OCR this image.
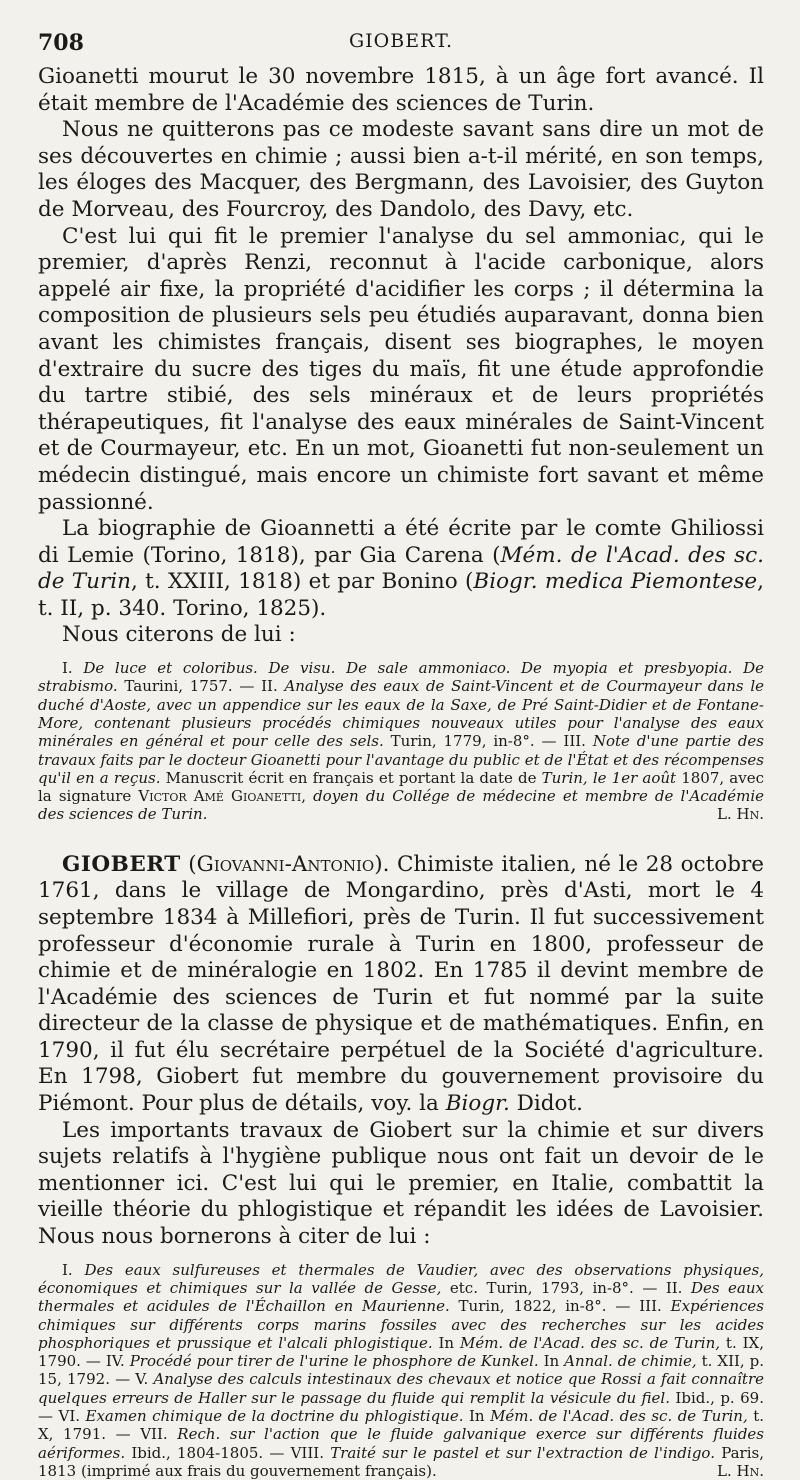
708	GIOBERT.

Gioanetti mourut le 30 novembre 1815, à un âge fort avancé. Il était membre de l'Académie des sciences de Turin.

Nous ne quitterons pas ce modeste savant sans dire un mot de ses découvertes en chimie ; aussi bien a-t-il mérité, en son temps, les éloges des Macquer, des Bergmann, des Lavoisier, des Guyton de Morveau, des Fourcroy, des Dandolo, des Davy, etc.

C'est lui qui fit le premier l'analyse du sel ammoniac, qui le premier, d'après Renzi, reconnut à l'acide carbonique, alors appelé air fixe, la propriété d'acidifier les corps ; il détermina la composition de plusieurs sels peu étudiés auparavant, donna bien avant les chimistes français, disent ses biographes, le moyen d'extraire du sucre des tiges du maïs, fit une étude approfondie du tartre stibié, des sels minéraux et de leurs propriétés thérapeutiques, fit l'analyse des eaux minérales de Saint-Vincent et de Courmayeur, etc. En un mot, Gioanetti fut non-seulement un médecin distingué, mais encore un chimiste fort savant et même passionné.

La biographie de Gioannetti a été écrite par le comte Ghiliossi di Lemie (Torino, 1818), par Gia Carena (Mém. de l'Acad. des sc. de Turin, t. XXIII, 1818) et par Bonino (Biogr. medica Piemontese, t. II, p. 340. Torino, 1825).

Nous citerons de lui :

I. De luce et coloribus. De visu. De sale ammoniaco. De myopia et presbyopia. De strabismo. Taurini, 1757. — II. Analyse des eaux de Saint-Vincent et de Courmayeur dans le duché d'Aoste, avec un appendice sur les eaux de la Saxe, de Pré Saint-Didier et de Fontane-More, contenant plusieurs procédés chimiques nouveaux utiles pour l'analyse des eaux minérales en général et pour celle des sels. Turin, 1779, in-8°. — III. Note d'une partie des travaux faits par le docteur Gioanetti pour l'avantage du public et de l'État et des récompenses qu'il en a reçus. Manuscrit écrit en français et portant la date de Turin, le 1er août 1807, avec la signature Victor Amé Gioanetti, doyen du Collége de médecine et membre de l'Académie des sciences de Turin.	L. Hn.

GIOBERT (Giovanni-Antonio). Chimiste italien, né le 28 octobre 1761, dans le village de Mongardino, près d'Asti, mort le 4 septembre 1834 à Millefiori, près de Turin. Il fut successivement professeur d'économie rurale à Turin en 1800, professeur de chimie et de minéralogie en 1802. En 1785 il devint membre de l'Académie des sciences de Turin et fut nommé par la suite directeur de la classe de physique et de mathématiques. Enfin, en 1790, il fut élu secrétaire perpétuel de la Société d'agriculture. En 1798, Giobert fut membre du gouvernement provisoire du Piémont. Pour plus de détails, voy. la Biogr. Didot.

Les importants travaux de Giobert sur la chimie et sur divers sujets relatifs à l'hygiène publique nous ont fait un devoir de le mentionner ici. C'est lui qui le premier, en Italie, combattit la vieille théorie du phlogistique et répandit les idées de Lavoisier. Nous nous bornerons à citer de lui :

I. Des eaux sulfureuses et thermales de Vaudier, avec des observations physiques, économiques et chimiques sur la vallée de Gesse, etc. Turin, 1793, in-8°. — II. Des eaux thermales et acidules de l'Échaillon en Maurienne. Turin, 1822, in-8°. — III. Expériences chimiques sur différents corps marins fossiles avec des recherches sur les acides phosphoriques et prussique et l'alcali phlogistique. In Mém. de l'Acad. des sc. de Turin, t. IX, 1790. — IV. Procédé pour tirer de l'urine le phosphore de Kunkel. In Annal. de chimie, t. XII, p. 15, 1792. — V. Analyse des calculs intestinaux des chevaux et notice que Rossi a fait connaître quelques erreurs de Haller sur le passage du fluide qui remplit la vésicule du fiel. Ibid., p. 69. — VI. Examen chimique de la doctrine du phlogistique. In Mém. de l'Acad. des sc. de Turin, t. X, 1791. — VII. Rech. sur l'action que le fluide galvanique exerce sur différents fluides aériformes. Ibid., 1804-1805. — VIII. Traité sur le pastel et sur l'extraction de l'indigo. Paris, 1813 (imprimé aux frais du gouvernement français).	L. Hn.
